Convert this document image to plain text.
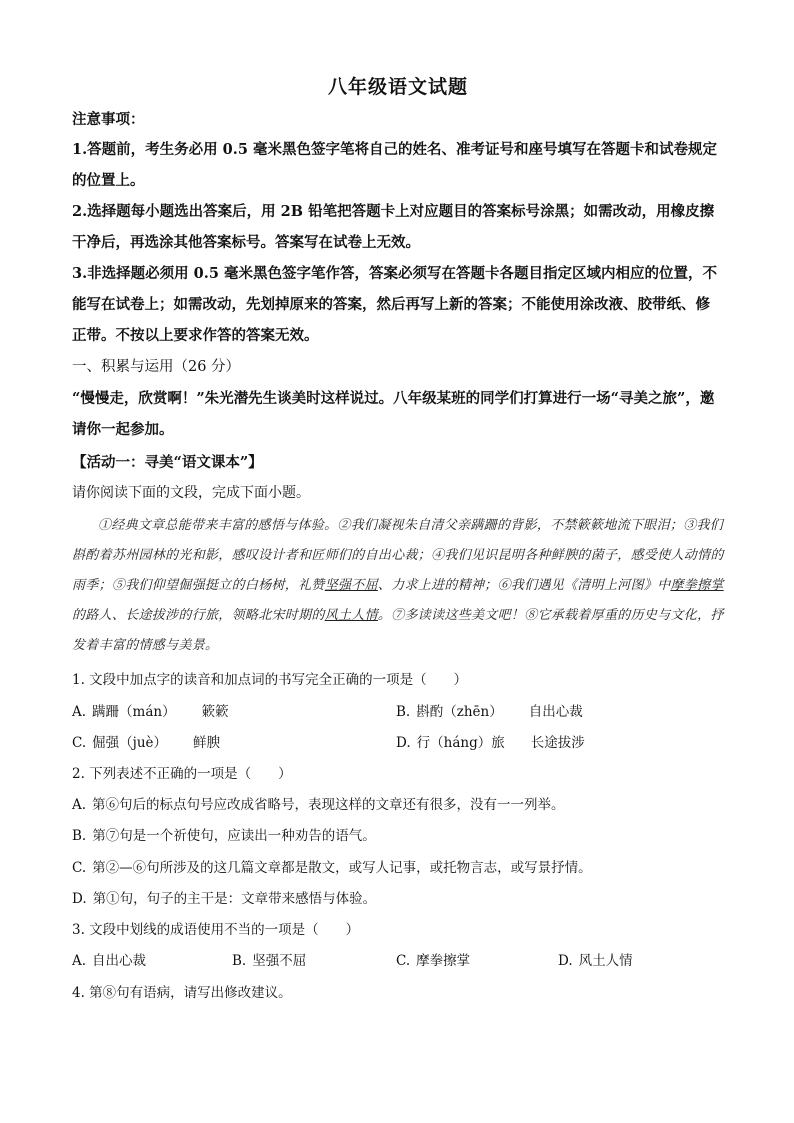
八年级语文试题
注意事项：

1.答题前，考生务必用 0.5 毫米黑色签字笔将自己的姓名、准考证号和座号填写在答题卡和试卷规定的位置上。

2.选择题每小题选出答案后，用 2B 铅笔把答题卡上对应题目的答案标号涂黑；如需改动，用橡皮擦干净后，再选涂其他答案标号。答案写在试卷上无效。

3.非选择题必须用 0.5 毫米黑色签字笔作答，答案必须写在答题卡各题目指定区域内相应的位置，不能写在试卷上；如需改动，先划掉原来的答案，然后再写上新的答案；不能使用涂改液、胶带纸、修正带。不按以上要求作答的答案无效。

一、积累与运用（26 分）

“慢慢走，欣赏啊！”朱光潜先生谈美时这样说过。八年级某班的同学们打算进行一场“寻美之旅”，邀请你一起参加。

【活动一：寻美“语文课本”】
请你阅读下面的文段，完成下面小题。

①经典文章总能带来丰富的感悟与体验。②我们凝视朱自清父亲蹒跚的背影，不禁簌簌地流下眼泪；③我们斟酌着苏州园林的光和影，感叹设计者和匠师们的自出心裁；④我们见识昆明各种鲜腴的菌子，感受使人动情的雨季；⑤我们仰望倔强挺立的白杨树，礼赞坚强不屈、力求上进的精神；⑥我们遇见《清明上河图》中摩拳擦掌的路人、长途拔涉的行旅，领略北宋时期的风土人情。⑦多读读这些美文吧！⑧它承载着厚重的历史与文化，抒发着丰富的情感与美景。

1. 文段中加点字的读音和加点词的书写完全正确的一项是（　　）
A. 蹒跚（mán） 簌簌	B. 斟酌（zhēn） 自出心裁
C. 倔强（juè） 鲜腴	D. 行（háng）旅 长途拔涉
2. 下列表述不正确的一项是（　　）
A. 第⑥句后的标点句号应改成省略号，表现这样的文章还有很多，没有一一列举。
B. 第⑦句是一个祈使句，应读出一种劝告的语气。
C. 第②—⑥句所涉及的这几篇文章都是散文，或写人记事，或托物言志，或写景抒情。
D. 第①句，句子的主干是：文章带来感悟与体验。
3. 文段中划线的成语使用不当的一项是（　　）
A. 自出心裁	B. 坚强不屈	C. 摩拳擦掌	D. 风土人情
4. 第⑧句有语病，请写出修改建议。
